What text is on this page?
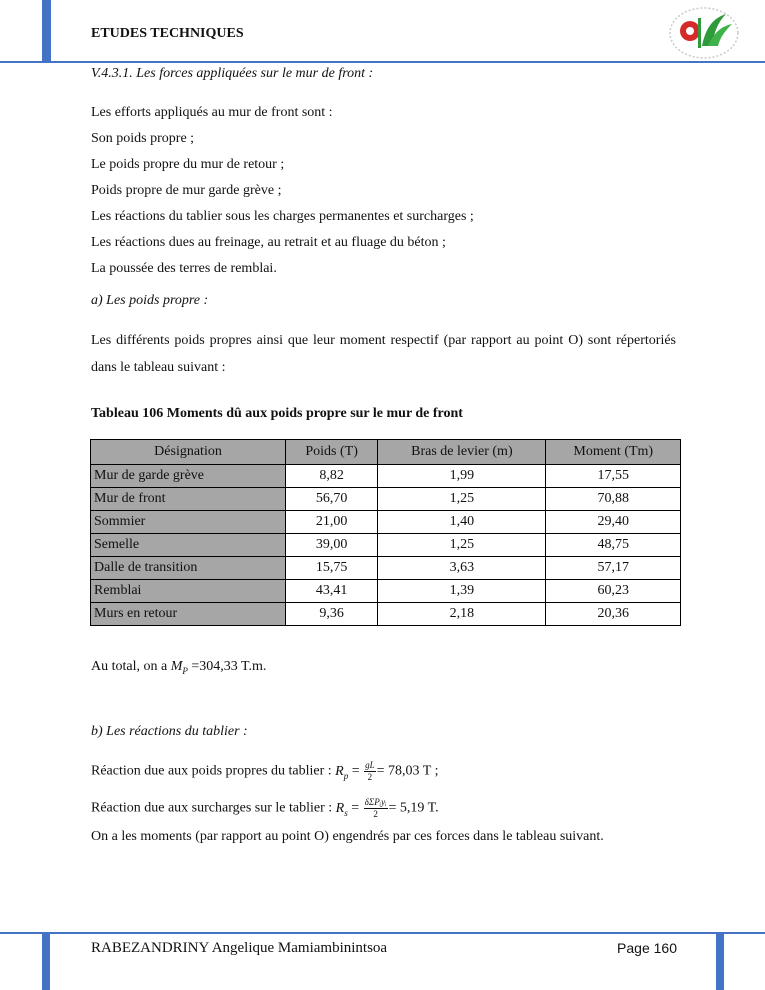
ETUDES TECHNIQUES
V.4.3.1. Les forces appliquées sur le mur de front :
Les efforts appliqués au mur de front sont :
Son poids propre ;
Le poids propre du mur de retour ;
Poids propre de mur garde grève ;
Les réactions du tablier sous les charges permanentes et surcharges ;
Les réactions dues au freinage, au retrait et au fluage du béton ;
La poussée des terres de remblai.
a) Les poids propre :
Les différents poids propres ainsi que leur moment respectif (par rapport au point O) sont répertoriés dans le tableau suivant :
Tableau 106 Moments dû aux poids propre sur le mur de front
Désignation	Poids (T)	Bras de levier (m)	Moment (Tm)
Mur de garde grève	8,82	1,99	17,55
Mur de front	56,70	1,25	70,88
Sommier	21,00	1,40	29,40
Semelle	39,00	1,25	48,75
Dalle de transition	15,75	3,63	57,17
Remblai	43,41	1,39	60,23
Murs en retour	9,36	2,18	20,36
Au total, on a $M_P =304,33$ T.m.
b) Les réactions du tablier :
Réaction due aux poids propres du tablier : $R_p = \frac{gL}{2} = 78,03$ T ;
Réaction due aux surcharges sur le tablier : $R_s = \frac{\text{δΣPᵢyᵢ}}{2} = 5,19$ T.
On a les moments (par rapport au point O) engendrés par ces forces dans le tableau suivant.
RABEZANDRINY Angelique Mamiambinintsoa	Page 160
